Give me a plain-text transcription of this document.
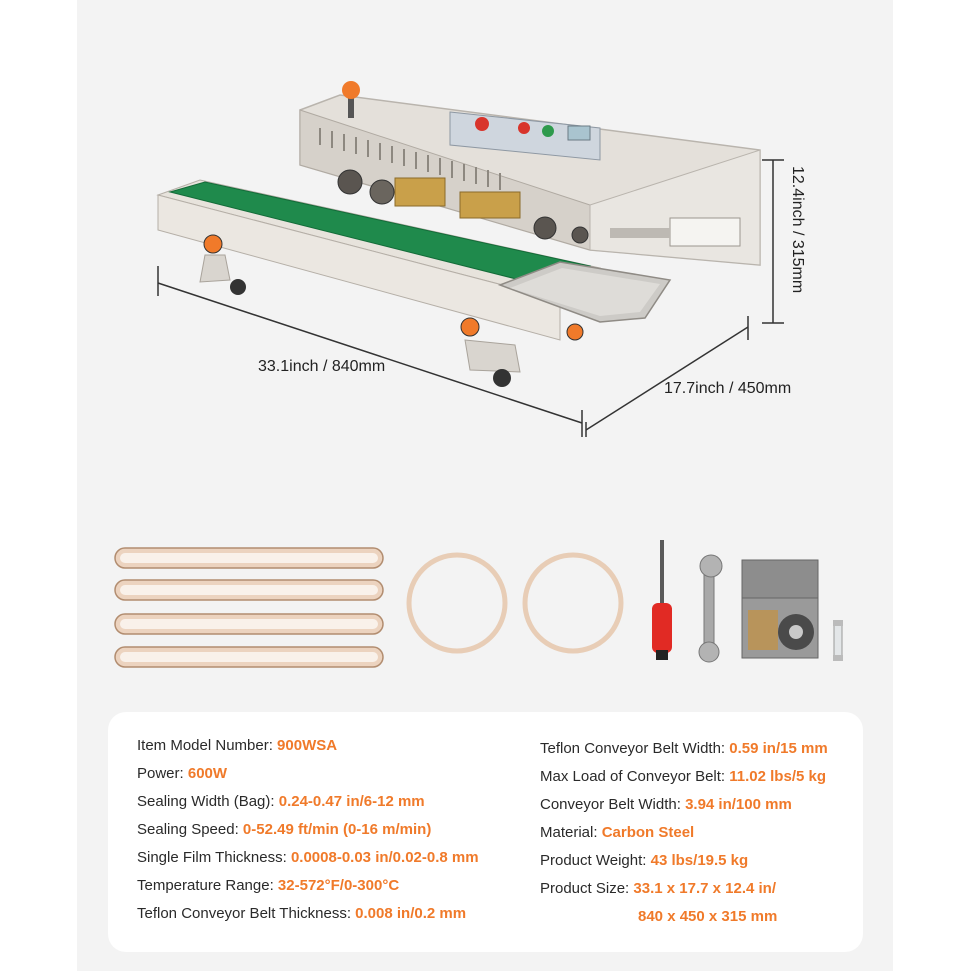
33.1inch / 840mm
17.7inch / 450mm
12.4inch / 315mm
Item Model Number: 900WSA
Power: 600W
Sealing Width (Bag): 0.24-0.47 in/6-12 mm
Sealing Speed: 0-52.49 ft/min (0-16 m/min)
Single Film Thickness: 0.0008-0.03 in/0.02-0.8 mm
Temperature Range: 32-572°F/0-300°C
Teflon Conveyor Belt Thickness: 0.008 in/0.2 mm
Teflon Conveyor Belt Width: 0.59 in/15 mm
Max Load of Conveyor Belt: 11.02 lbs/5 kg
Conveyor Belt Width: 3.94 in/100 mm
Material: Carbon Steel
Product Weight: 43 lbs/19.5 kg
Product Size: 33.1 x 17.7 x 12.4 in/
840 x 450 x 315 mm
